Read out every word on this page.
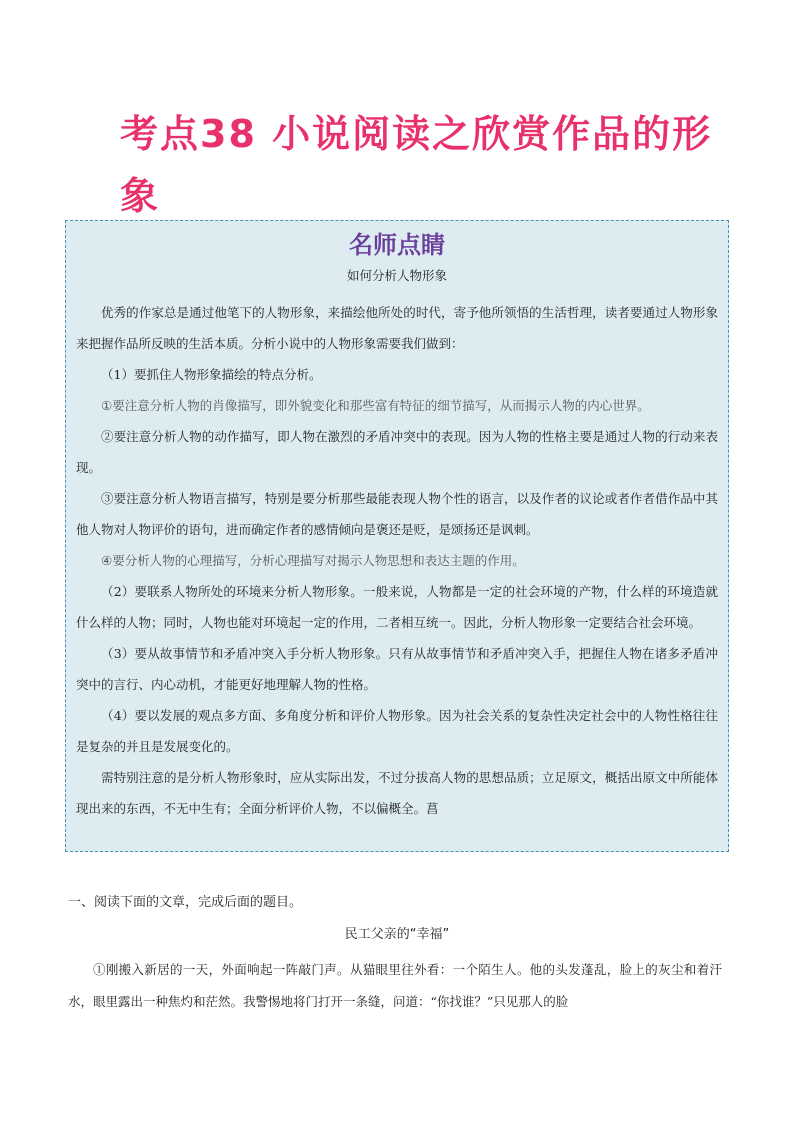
考点38 小说阅读之欣赏作品的形象
名师点睛
如何分析人物形象

优秀的作家总是通过他笔下的人物形象，来描绘他所处的时代，寄予他所领悟的生活哲理，读者要通过人物形象来把握作品所反映的生活本质。分析小说中的人物形象需要我们做到：

（1）要抓住人物形象描绘的特点分析。

①要注意分析人物的肖像描写，即外貌变化和那些富有特征的细节描写，从而揭示人物的内心世界。

②要注意分析人物的动作描写，即人物在激烈的矛盾冲突中的表现。因为人物的性格主要是通过人物的行动来表现。

③要注意分析人物语言描写，特别是要分析那些最能表现人物个性的语言，以及作者的议论或者作者借作品中其他人物对人物评价的语句，进而确定作者的感情倾向是褒还是贬，是颂扬还是讽刺。

④要分析人物的心理描写，分析心理描写对揭示人物思想和表达主题的作用。

（2）要联系人物所处的环境来分析人物形象。一般来说，人物都是一定的社会环境的产物，什么样的环境造就什么样的人物；同时，人物也能对环境起一定的作用，二者相互统一。因此，分析人物形象一定要结合社会环境。

（3）要从故事情节和矛盾冲突入手分析人物形象。只有从故事情节和矛盾冲突入手，把握住人物在诸多矛盾冲突中的言行、内心动机，才能更好地理解人物的性格。

（4）要以发展的观点多方面、多角度分析和评价人物形象。因为社会关系的复杂性决定社会中的人物性格往往是复杂的并且是发展变化的。

需特别注意的是分析人物形象时，应从实际出发，不过分拔高人物的思想品质；立足原文，概括出原文中所能体现出来的东西，不无中生有；全面分析评价人物，不以偏概全。菖

一、阅读下面的文章，完成后面的题目。
民工父亲的“幸福”

①刚搬入新居的一天，外面响起一阵敲门声。从猫眼里往外看：一个陌生人。他的头发蓬乱，脸上的灰尘和着汗水，眼里露出一种焦灼和茫然。我警惕地将门打开一条缝，问道：“你找谁？”只见那人的脸
